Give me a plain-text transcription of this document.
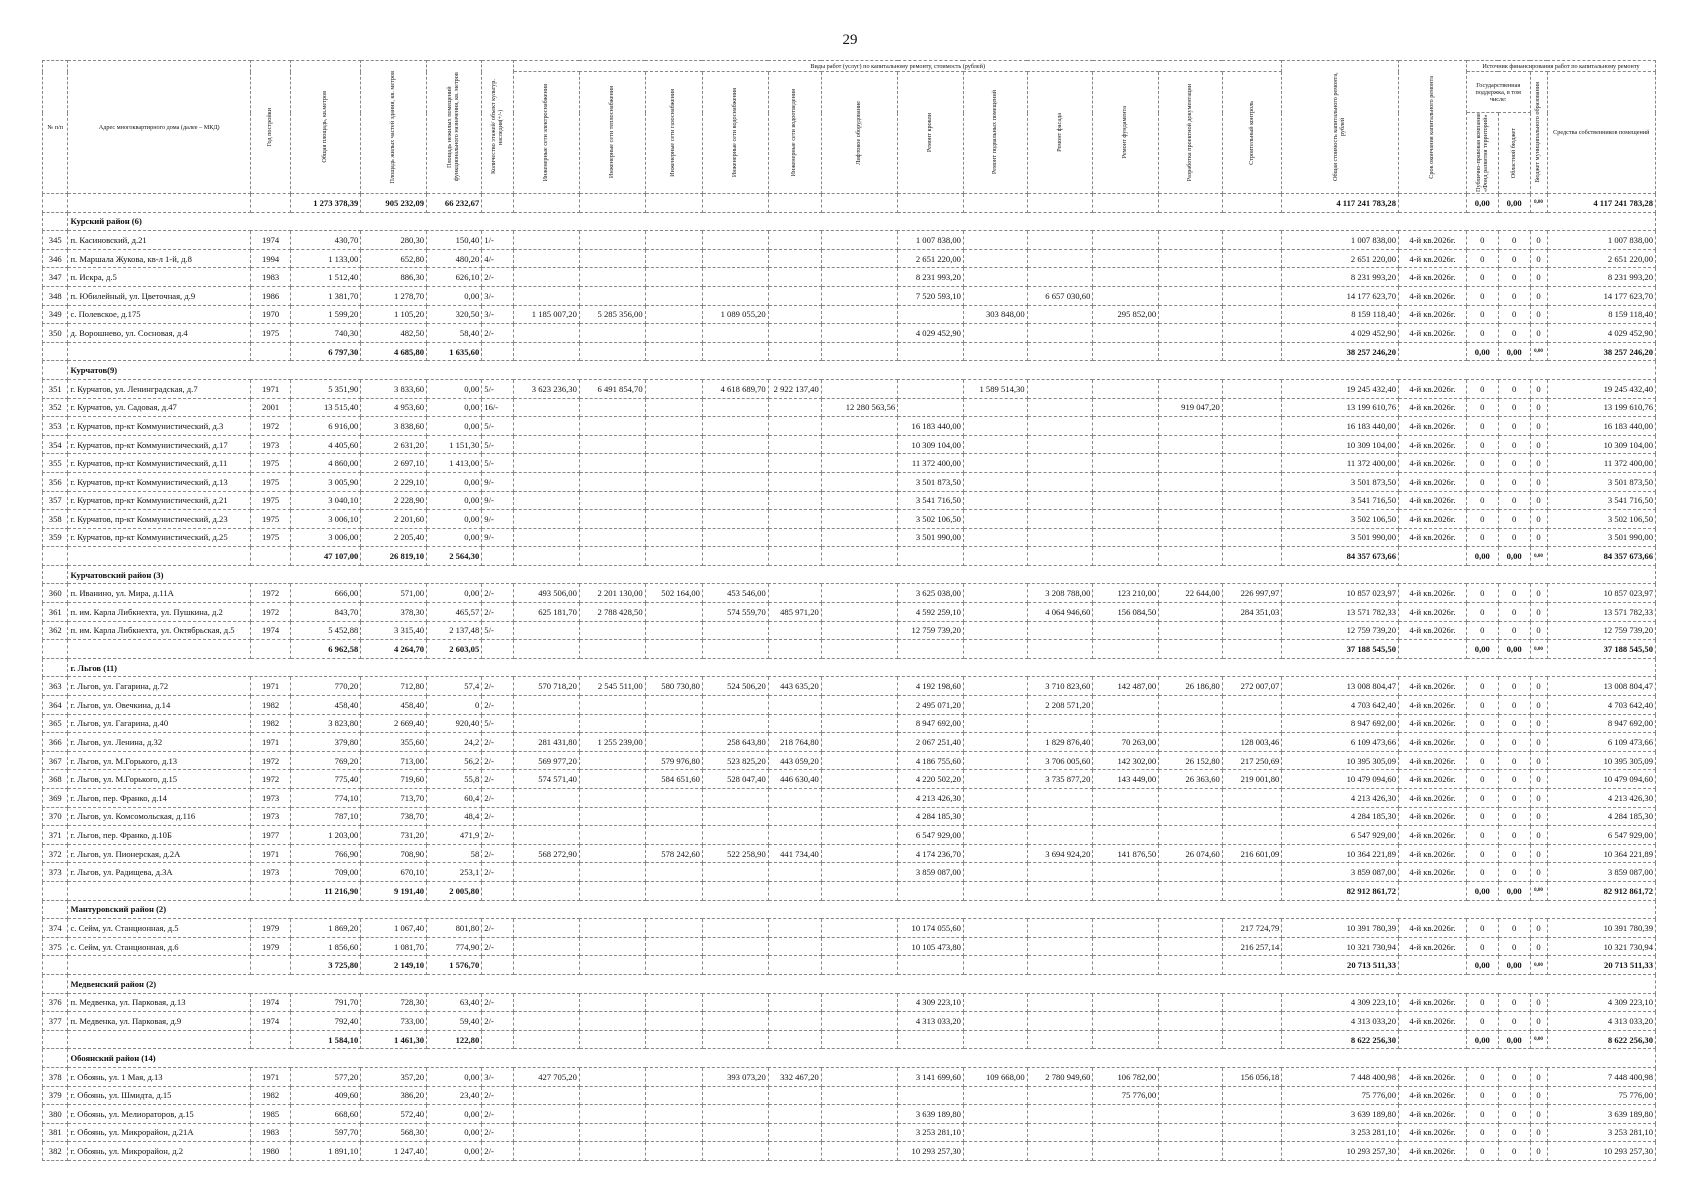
29
№ п/п	Адрес многоквартирного дома (далее – МКД)	Год постройки	Общая площадь, кв.метров	Площадь жилых частей здания, кв. метров	Площадь нежилых помещений функционального назначения, кв. метров	Количество этажей/ объект культур. наследия(+/-)	Виды работ (услуг) по капитальному ремонту, стоимость (рублей)												Общая стоимость капитального ремонта, рублей	Срок окончания капитального ремонта	Источник финансирования работ по капитальному ремонту			

							Инженерные сети электроснабжения	Инженерные сети теплоснабжения	Инженерные сети газоснабжения	Инженерные сети водоснабжения	Инженерные сети водоотведения	Лифтовое оборудование	Ремонт кровли	Ремонт подвальных помещений	Ремонт фасада	Ремонт фундамента	Разработка проектной документации	Строительный контроль			Государственная поддержка, в том числе:		Бюджет муниципального образования	Средства собственников помещений

																					Публично-правовая компания «Фонд развития территорий»	Областной бюджет		

			1 273 378,39	905 232,09	66 232,67														4 117 241 783,28		0,00	0,00	0,00	4 117 241 783,28
	Курский район (6)																							
345	п. Касиновский, д.21	1974	430,70	280,30	150,40	1/-							1 007 838,00						1 007 838,00	4-й кв.2026г.	0	0	0	1 007 838,00
346	п. Маршала Жукова, кв-л 1-й, д.8	1994	1 133,00	652,80	480,20	4/-							2 651 220,00						2 651 220,00	4-й кв.2026г.	0	0	0	2 651 220,00
347	п. Искра, д.5	1983	1 512,40	886,30	626,10	2/-							8 231 993,20						8 231 993,20	4-й кв.2026г.	0	0	0	8 231 993,20
348	п. Юбилейный, ул. Цветочная, д.9	1986	1 381,70	1 278,70	0,00	3/-							7 520 593,10		6 657 030,60				14 177 623,70	4-й кв.2026г.	0	0	0	14 177 623,70
349	с. Полевское, д.175	1970	1 599,20	1 105,20	320,50	3/-	1 185 007,20	5 285 356,00		1 089 055,20				303 848,00		295 852,00			8 159 118,40	4-й кв.2026г.	0	0	0	8 159 118,40
350	д. Ворошнево, ул. Сосновая, д.4	1975	740,30	482,50	58,40	2/-							4 029 452,90						4 029 452,90	4-й кв.2026г.	0	0	0	4 029 452,90
			6 797,30	4 685,80	1 635,60														38 257 246,20		0,00	0,00	0,00	38 257 246,20
	Курчатов(9)																							
351	г. Курчатов, ул. Ленинградская, д.7	1971	5 351,90	3 833,60	0,00	5/-	3 623 236,30	6 491 854,70		4 618 689,70	2 922 137,40			1 589 514,30					19 245 432,40	4-й кв.2026г.	0	0	0	19 245 432,40
352	г. Курчатов, ул. Садовая, д.47	2001	13 515,40	4 953,60	0,00	16/-						12 280 563,56					919 047,20		13 199 610,76	4-й кв.2026г.	0	0	0	13 199 610,76
353	г. Курчатов, пр-кт Коммунистический, д.3	1972	6 916,00	3 838,60	0,00	5/-							16 183 440,00						16 183 440,00	4-й кв.2026г.	0	0	0	16 183 440,00
354	г. Курчатов, пр-кт Коммунистический, д.17	1973	4 405,60	2 631,20	1 151,30	5/-							10 309 104,00						10 309 104,00	4-й кв.2026г.	0	0	0	10 309 104,00
355	г. Курчатов, пр-кт Коммунистический, д.11	1975	4 860,00	2 697,10	1 413,00	5/-							11 372 400,00						11 372 400,00	4-й кв.2026г.	0	0	0	11 372 400,00
356	г. Курчатов, пр-кт Коммунистический, д.13	1975	3 005,90	2 229,10	0,00	9/-							3 501 873,50						3 501 873,50	4-й кв.2026г.	0	0	0	3 501 873,50
357	г. Курчатов, пр-кт Коммунистический, д.21	1975	3 040,10	2 228,90	0,00	9/-							3 541 716,50						3 541 716,50	4-й кв.2026г.	0	0	0	3 541 716,50
358	г. Курчатов, пр-кт Коммунистический, д.23	1975	3 006,10	2 201,60	0,00	9/-							3 502 106,50						3 502 106,50	4-й кв.2026г.	0	0	0	3 502 106,50
359	г. Курчатов, пр-кт Коммунистический, д.25	1975	3 006,00	2 205,40	0,00	9/-							3 501 990,00						3 501 990,00	4-й кв.2026г.	0	0	0	3 501 990,00
			47 107,00	26 819,10	2 564,30														84 357 673,66		0,00	0,00	0,00	84 357 673,66
	Курчатовский район (3)																							
360	п. Иванино, ул. Мира, д.11А	1972	666,00	571,00	0,00	2/-	493 506,00	2 201 130,00	502 164,00	453 546,00			3 625 038,00		3 208 788,00	123 210,00	22 644,00	226 997,97	10 857 023,97	4-й кв.2026г.	0	0	0	10 857 023,97
361	п. им. Карла Либкнехта, ул. Пушкина, д.2	1972	843,70	378,30	465,57	2/-	625 181,70	2 788 428,50		574 559,70	485 971,20		4 592 259,10		4 064 946,60	156 084,50		284 351,03	13 571 782,33	4-й кв.2026г.	0	0	0	13 571 782,33
362	п. им. Карла Либкнехта, ул. Октябрьская, д.5	1974	5 452,88	3 315,40	2 137,48	5/-							12 759 739,20						12 759 739,20	4-й кв.2026г.	0	0	0	12 759 739,20
			6 962,58	4 264,70	2 603,05														37 188 545,50		0,00	0,00	0,00	37 188 545,50
	г. Льгов (11)																							
363	г. Льгов, ул. Гагарина, д.72	1971	770,20	712,80	57,4	2/-	570 718,20	2 545 511,00	580 730,80	524 506,20	443 635,20		4 192 198,60		3 710 823,60	142 487,00	26 186,80	272 007,07	13 008 804,47	4-й кв.2026г.	0	0	0	13 008 804,47
364	г. Льгов, ул. Овечкина, д.14	1982	458,40	458,40	0	2/-							2 495 071,20		2 208 571,20				4 703 642,40	4-й кв.2026г.	0	0	0	4 703 642,40
365	г. Льгов, ул. Гагарина, д.40	1982	3 823,80	2 669,40	920,40	5/-							8 947 692,00						8 947 692,00	4-й кв.2026г.	0	0	0	8 947 692,00
366	г. Льгов, ул. Ленина, д.32	1971	379,80	355,60	24,2	2/-	281 431,80	1 255 239,00		258 643,80	218 764,80		2 067 251,40		1 829 876,40	70 263,00		128 003,46	6 109 473,66	4-й кв.2026г.	0	0	0	6 109 473,66
367	г. Льгов, ул. М.Горького, д.13	1972	769,20	713,00	56,2	2/-	569 977,20		579 976,80	523 825,20	443 059,20		4 186 755,60		3 706 005,60	142 302,00	26 152,80	217 250,69	10 395 305,09	4-й кв.2026г.	0	0	0	10 395 305,09
368	г. Льгов, ул. М.Горького, д.15	1972	775,40	719,60	55,8	2/-	574 571,40		584 651,60	528 047,40	446 630,40		4 220 502,20		3 735 877,20	143 449,00	26 363,60	219 001,80	10 479 094,60	4-й кв.2026г.	0	0	0	10 479 094,60
369	г. Льгов, пер. Франко, д.14	1973	774,10	713,70	60,4	2/-							4 213 426,30						4 213 426,30	4-й кв.2026г.	0	0	0	4 213 426,30
370	г. Льгов, ул. Комсомольская, д.116	1973	787,10	738,70	48,4	2/-							4 284 185,30						4 284 185,30	4-й кв.2026г.	0	0	0	4 284 185,30
371	г. Льгов, пер. Франко, д.10Б	1977	1 203,00	731,20	471,9	2/-							6 547 929,00						6 547 929,00	4-й кв.2026г.	0	0	0	6 547 929,00
372	г. Льгов, ул. Пионерская, д.2А	1971	766,90	708,90	58	2/-	568 272,90		578 242,60	522 258,90	441 734,40		4 174 236,70		3 694 924,20	141 876,50	26 074,60	216 601,09	10 364 221,89	4-й кв.2026г.	0	0	0	10 364 221,89
373	г. Льгов, ул. Радищева, д.3А	1973	709,00	670,10	253,1	2/-							3 859 087,00						3 859 087,00	4-й кв.2026г.	0	0	0	3 859 087,00
			11 216,90	9 191,40	2 005,80														82 912 861,72		0,00	0,00	0,00	82 912 861,72
	Мантуровский район (2)																							
374	с. Сейм, ул. Станционная, д.5	1979	1 869,20	1 067,40	801,80	2/-							10 174 055,60					217 724,79	10 391 780,39	4-й кв.2026г.	0	0	0	10 391 780,39
375	с. Сейм, ул. Станционная, д.6	1979	1 856,60	1 081,70	774,90	2/-							10 105 473,80					216 257,14	10 321 730,94	4-й кв.2026г.	0	0	0	10 321 730,94
			3 725,80	2 149,10	1 576,70														20 713 511,33		0,00	0,00	0,00	20 713 511,33
	Медвенский район (2)																							
376	п. Медвенка, ул. Парковая, д.13	1974	791,70	728,30	63,40	2/-							4 309 223,10						4 309 223,10	4-й кв.2026г.	0	0	0	4 309 223,10
377	п. Медвенка, ул. Парковая, д.9	1974	792,40	733,00	59,40	2/-							4 313 033,20						4 313 033,20	4-й кв.2026г.	0	0	0	4 313 033,20
			1 584,10	1 461,30	122,80														8 622 256,30		0,00	0,00	0,00	8 622 256,30
	Обоянский район (14)																							
378	г. Обоянь, ул. 1 Мая, д.13	1971	577,20	357,20	0,00	3/-	427 705,20			393 073,20	332 467,20		3 141 699,60	109 668,00	2 780 949,60	106 782,00		156 056,18	7 448 400,98	4-й кв.2026г.	0	0	0	7 448 400,98
379	г. Обоянь, ул. Шмидта, д.15	1982	409,60	386,20	23,40	2/-										75 776,00			75 776,00	4-й кв.2026г.	0	0	0	75 776,00
380	г. Обоянь, ул. Мелиораторов, д.15	1985	668,60	572,40	0,00	2/-							3 639 189,80						3 639 189,80	4-й кв.2026г.	0	0	0	3 639 189,80
381	г. Обоянь, ул. Микрорайон, д.21А	1983	597,70	568,30	0,00	2/-							3 253 281,10						3 253 281,10	4-й кв.2026г.	0	0	0	3 253 281,10
382	г. Обоянь, ул. Микрорайон, д.2	1980	1 891,10	1 247,40	0,00	2/-							10 293 257,30						10 293 257,30	4-й кв.2026г.	0	0	0	10 293 257,30
